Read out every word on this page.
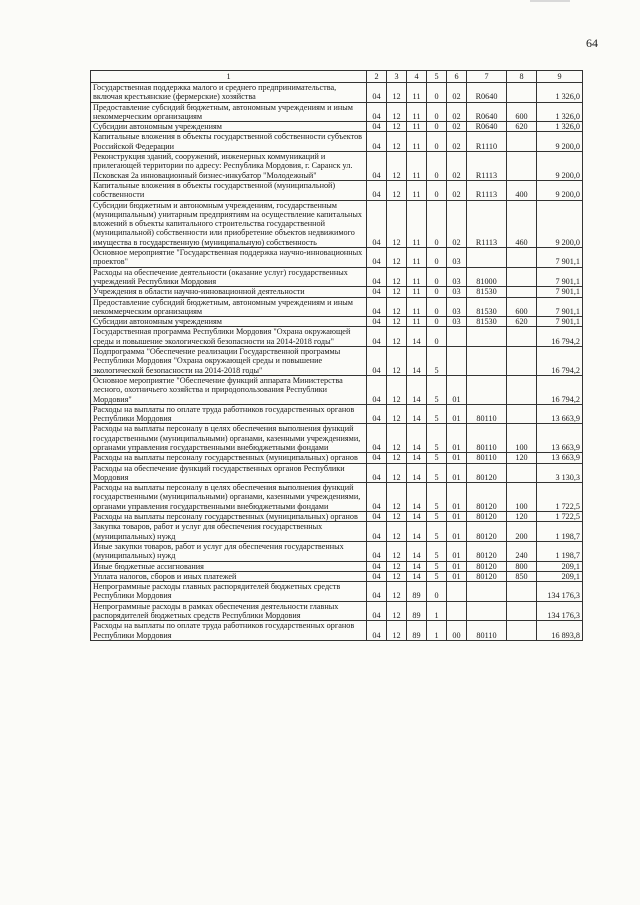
64
1	2	3	4	5	6	7	8	9
Государственная поддержка малого и среднего предпринимательства, включая крестьянские (фермерские) хозяйства	04	12	11	0	02	R0640		1 326,0
Предоставление субсидий бюджетным, автономным учреждениям и иным некоммерческим организациям	04	12	11	0	02	R0640	600	1 326,0
Субсидии автономным учреждениям	04	12	11	0	02	R0640	620	1 326,0
Капитальные вложения в объекты государственной собственности субъектов Российской Федерации	04	12	11	0	02	R1110		9 200,0
Реконструкция зданий, сооружений, инженерных коммуникаций и прилегающей территории по адресу: Республика Мордовия, г. Саранск ул. Псковская 2а инновационный бизнес-инкубатор "Молодежный"	04	12	11	0	02	R1113		9 200,0
Капитальные вложения в объекты государственной (муниципальной) собственности	04	12	11	0	02	R1113	400	9 200,0
Субсидии бюджетным и автономным учреждениям, государственным (муниципальным) унитарным предприятиям на осуществление капитальных вложений в объекты капитального строительства государственной (муниципальной) собственности или приобретение объектов недвижимого имущества в государственную (муниципальную) собственность	04	12	11	0	02	R1113	460	9 200,0
Основное мероприятие "Государственная поддержка научно-инновационных проектов"	04	12	11	0	03			7 901,1
Расходы на обеспечение деятельности (оказание услуг) государственных учреждений Республики Мордовия	04	12	11	0	03	81000		7 901,1
Учреждения в области научно-инновационной деятельности	04	12	11	0	03	81530		7 901,1
Предоставление субсидий бюджетным, автономным учреждениям и иным некоммерческим организациям	04	12	11	0	03	81530	600	7 901,1
Субсидии автономным учреждениям	04	12	11	0	03	81530	620	7 901,1
Государственная программа Республики Мордовия "Охрана окружающей среды и повышение экологической безопасности на 2014-2018 годы"	04	12	14	0				16 794,2
Подпрограмма "Обеспечение реализации Государственной программы Республики Мордовия "Охрана окружающей среды и повышение экологической безопасности на 2014-2018 годы"	04	12	14	5				16 794,2
Основное мероприятие "Обеспечение функций аппарата Министерства лесного, охотничьего хозяйства и природопользования Республики Мордовия"	04	12	14	5	01			16 794,2
Расходы на выплаты по оплате труда работников государственных органов Республики Мордовия	04	12	14	5	01	80110		13 663,9
Расходы на выплаты персоналу в целях обеспечения выполнения функций государственными (муниципальными) органами, казенными учреждениями, органами управления государственными внебюджетными фондами	04	12	14	5	01	80110	100	13 663,9
Расходы на выплаты персоналу государственных (муниципальных) органов	04	12	14	5	01	80110	120	13 663,9
Расходы на обеспечение функций государственных органов Республики Мордовия	04	12	14	5	01	80120		3 130,3
Расходы на выплаты персоналу в целях обеспечения выполнения функций государственными (муниципальными) органами, казенными учреждениями, органами управления государственными внебюджетными фондами	04	12	14	5	01	80120	100	1 722,5
Расходы на выплаты персоналу государственных (муниципальных) органов	04	12	14	5	01	80120	120	1 722,5
Закупка товаров, работ и услуг для обеспечения государственных (муниципальных) нужд	04	12	14	5	01	80120	200	1 198,7
Иные закупки товаров, работ и услуг для обеспечения государственных (муниципальных) нужд	04	12	14	5	01	80120	240	1 198,7
Иные бюджетные ассигнования	04	12	14	5	01	80120	800	209,1
Уплата налогов, сборов и иных платежей	04	12	14	5	01	80120	850	209,1
Непрограммные расходы главных распорядителей бюджетных средств Республики Мордовия	04	12	89	0				134 176,3
Непрограммные расходы в рамках обеспечения деятельности главных распорядителей бюджетных средств Республики Мордовия	04	12	89	1				134 176,3
Расходы на выплаты по оплате труда работников государственных органов Республики Мордовия	04	12	89	1	00	80110		16 893,8
